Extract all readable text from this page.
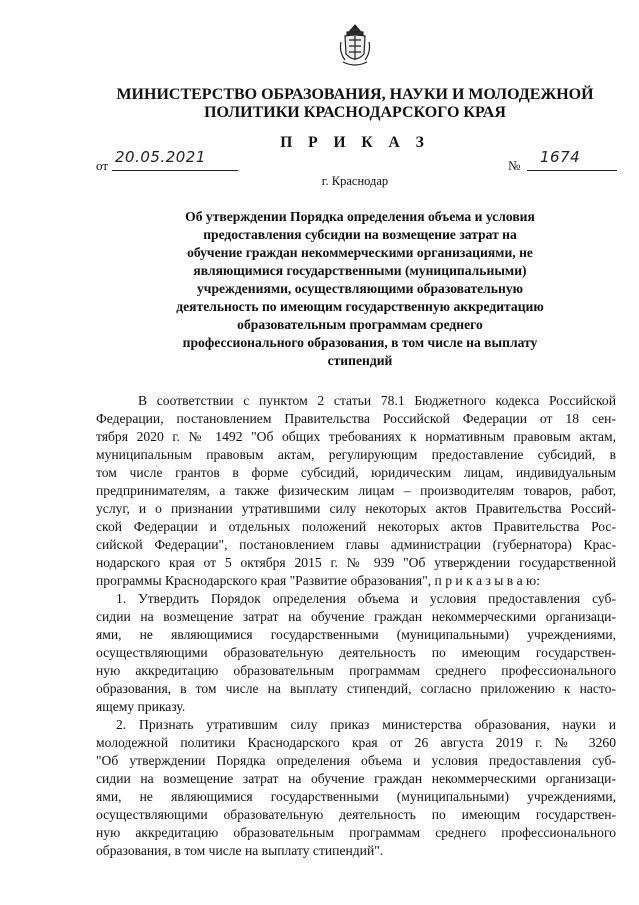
МИНИСТЕРСТВО ОБРАЗОВАНИЯ, НАУКИ И МОЛОДЕЖНОЙ
ПОЛИТИКИ КРАСНОДАРСКОГО КРАЯ
П Р И К А З
от 20.05.2021	№ 1674
г. Краснодар
Об утверждении Порядка определения объема и условия
предоставления субсидии на возмещение затрат на
обучение граждан некоммерческими организациями, не
являющимися государственными (муниципальными)
учреждениями, осуществляющими образовательную
деятельность по имеющим государственную аккредитацию
образовательным программам среднего
профессионального образования, в том числе на выплату
стипендий
В соответствии с пунктом 2 статьи 78.1 Бюджетного кодекса Российской
Федерации, постановлением Правительства Российской Федерации от 18 сен-
тября 2020 г. № 1492 "Об общих требованиях к нормативным правовым актам,
муниципальным правовым актам, регулирующим предоставление субсидий, в
том числе грантов в форме субсидий, юридическим лицам, индивидуальным
предпринимателям, а также физическим лицам – производителям товаров, работ,
услуг, и о признании утратившими силу некоторых актов Правительства Россий-
ской Федерации и отдельных положений некоторых актов Правительства Рос-
сийской Федерации", постановлением главы администрации (губернатора) Крас-
нодарского края от 5 октября 2015 г. № 939 "Об утверждении государственной
программы Краснодарского края "Развитие образования", п р и к а з ы в а ю:
1. Утвердить Порядок определения объема и условия предоставления суб-
сидии на возмещение затрат на обучение граждан некоммерческими организаци-
ями, не являющимися государственными (муниципальными) учреждениями,
осуществляющими образовательную деятельность по имеющим государствен-
ную аккредитацию образовательным программам среднего профессионального
образования, в том числе на выплату стипендий, согласно приложению к насто-
ящему приказу.
2. Признать утратившим силу приказ министерства образования, науки и
молодежной политики Краснодарского края от 26 августа 2019 г. № 3260
"Об утверждении Порядка определения объема и условия предоставления суб-
сидии на возмещение затрат на обучение граждан некоммерческими организаци-
ями, не являющимися государственными (муниципальными) учреждениями,
осуществляющими образовательную деятельность по имеющим государствен-
ную аккредитацию образовательным программам среднего профессионального
образования, в том числе на выплату стипендий".
